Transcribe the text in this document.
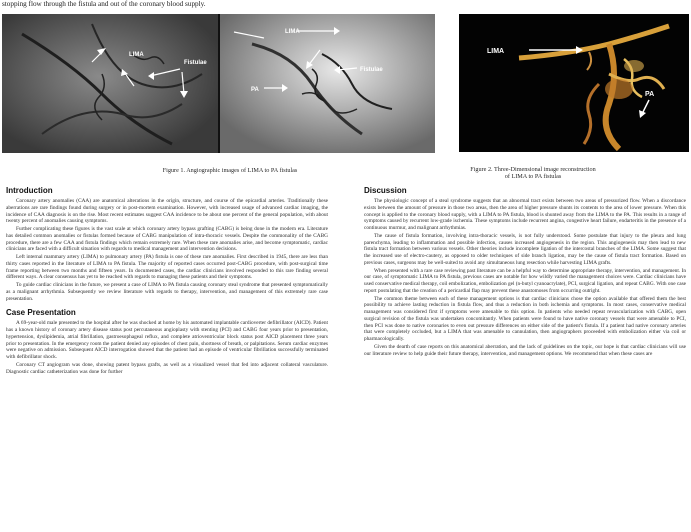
stopping flow through the fistula and out of the coronary blood supply.
LIMA
Fistulae
LIMA
PA
Fistulae
LIMA
PA
Figure 1. Angiographic images of LIMA to PA fistulas	Figure 2. Three-Dimensional image reconstruction of LIMA to PA fistulas
Introduction

Coronary artery anomalies (CAA) are anatomical alterations in the origin, structure, and course of the epicardial arteries. Traditionally these aberrations are rare findings found during surgery or in post-mortem examination. However, with increased usage of advanced cardiac imaging, the incidence of CAA diagnosis is on the rise. Most recent estimates suggest CAA incidence to be about one percent of the general population, with about twenty percent of anomalies causing symptoms.

Further complicating these figures is the vast scale at which coronary artery bypass grafting (CABG) is being done in the modern era. Literature has detailed common anomalies or fistulas formed because of CABG manipulation of intra-thoracic vessels. Despite the commonality of the CABG procedure, there are a few CAA and fistula findings which remain extremely rare. When these rare anomalies arise, and become symptomatic, cardiac clinicians are faced with a difficult situation with regards to medical management and intervention decisions.

Left internal mammary artery (LIMA) to pulmonary artery (PA) fistula is one of these rare anomalies. First described in 1945, there are less than thirty cases reported in the literature of LIMA to PA fistula. The majority of reported cases occurred post-CABG procedure, with post-surgical time frame reporting between two months and fifteen years. In documented cases, the cardiac clinicians involved responded to this rare finding several different ways. A clear consensus has yet to be reached with regards to managing these patients and their symptoms.

To guide cardiac clinicians in the future, we present a case of LIMA to PA fistula causing coronary steal syndrome that presented symptomatically as a malignant arrhythmia. Subsequently we review literature with regards to therapy, intervention, and management of this extremely rare case presentation.

Case Presentation

A 69-year-old male presented to the hospital after he was shocked at home by his automated implantable cardioverter defibrillator (AICD). Patient has a known history of coronary artery disease status post percutaneous angioplasty with stenting (PCI) and CABG four years prior to presentation, hypertension, dyslipidemia, atrial fibrillation, gastroesophageal reflux, and complete atrioventricular block status post AICD placement three years prior to presentation. In the emergency room the patient denied any episodes of chest pain, shortness of breath, or palpitations. Serum cardiac enzymes were negative on admission. Subsequent AICD interrogation showed that the patient had an episode of ventricular fibrillation successfully terminated with defibrillator shock.

Coronary CT angiogram was done, showing patent bypass grafts, as well as a visualized vessel that fed into adjacent collateral vasculature. Diagnostic cardiac catheterization was done for further

Discussion

The physiologic concept of a steal syndrome suggests that an abnormal tract exists between two areas of pressurized flow. When a discordance exists between the amount of pressure in those two areas, then the area of higher pressure shunts its contents to the area of lower pressure. When this concept is applied to the coronary blood supply, with a LIMA to PA fistula, blood is shunted away from the LIMA to the PA. This results in a range of symptoms caused by recurrent low-grade ischemia. These symptoms include recurrent angina, congestive heart failure, endarteritis in the presence of a continuous murmur, and malignant arrhythmias.

The cause of fistula formation, involving intra-thoracic vessels, is not fully understood. Some postulate that injury to the pleura and lung parenchyma, leading to inflammation and possible infection, causes increased angiogenesis in the region. This angiogenesis may then lead to new fistula tract formation between various vessels. Other theories include incomplete ligation of the intercostal branches of the LIMA. Some suggest that the increased use of electro-cautery, as opposed to older techniques of side branch ligation, may be the cause of fistula tract formation. Based on previous cases, surgeons may be well-suited to avoid any simultaneous lung resection while harvesting LIMA grafts.

When presented with a rare case reviewing past literature can be a helpful way to determine appropriate therapy, intervention, and management. In our case, of symptomatic LIMA to PA fistula, previous cases are notable for how wildly varied the management choices were. Cardiac clinicians have used conservative medical therapy, coil embolization, embolization gel (n-butyl cyanoacrylate), PCI, surgical ligation, and repeat CABG. With one case report postulating that the creation of a pericardial flap may prevent these anastomoses from occurring outright.

The common theme between each of these management options is that cardiac clinicians chose the option available that offered them the best possibility to achieve lasting reduction in fistula flow, and thus a reduction in both ischemia and symptoms. In most cases, conservative medical management was considered first if symptoms were amenable to this option. In patients who needed repeat revascularization with CABG, open surgical revision of the fistula was undertaken concomitantly. When patients were found to have native coronary vessels that were amenable to PCI, then PCI was done to native coronaries to even out pressure differences on either side of the patient's fistula. If a patient had native coronary arteries that were completely occluded, but a LIMA that was amenable to cannulation, then angiographers proceeded with embolization either via coil or pharmacologically.

Given the dearth of case reports on this anatomical aberration, and the lack of guidelines on the topic, our hope is that cardiac clinicians will use our literature review to help guide their future therapy, intervention, and management options. We recommend that when these cases are
